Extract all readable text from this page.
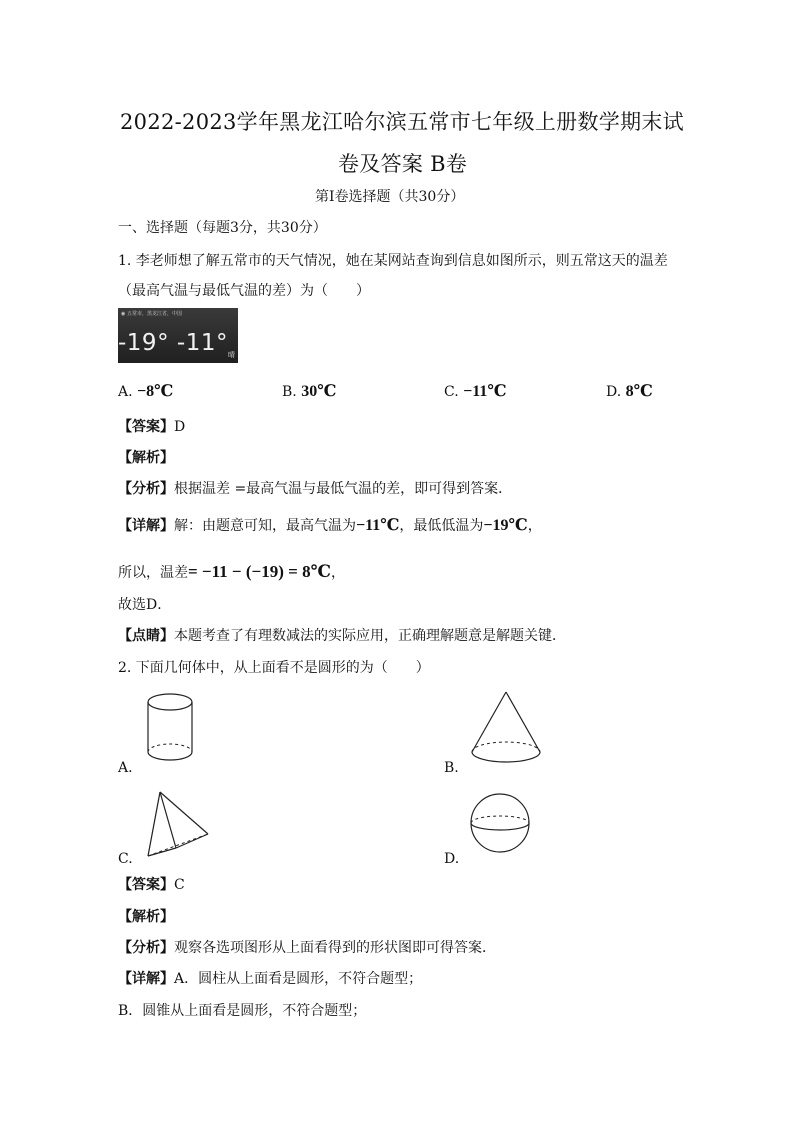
2022-2023学年黑龙江哈尔滨五常市七年级上册数学期末试
卷及答案 B卷
第Ⅰ卷选择题（共30分）
一、选择题（每题3分，共30分）
1. 李老师想了解五常市的天气情况，她在某网站查询到信息如图所示，则五常这天的温差
（最高气温与最低气温的差）为（　　）
◉ 五常市，黑龙江省，中国
-19° -11° 晴
A. −8℃	B. 30℃	C. −11℃	D. 8℃
【答案】D
【解析】
【分析】根据温差 =最高气温与最低气温的差，即可得到答案．
【详解】解：由题意可知，最高气温为−11℃，最低低温为−19℃，
所以，温差= −11 − (−19) = 8℃，
故选D．
【点睛】本题考查了有理数减法的实际应用，正确理解题意是解题关键．
2. 下面几何体中，从上面看不是圆形的为（　　）
A.	B.
C.	D.
【答案】C
【解析】
【分析】观察各选项图形从上面看得到的形状图即可得答案．
【详解】A．圆柱从上面看是圆形，不符合题型；
B．圆锥从上面看是圆形，不符合题型；
